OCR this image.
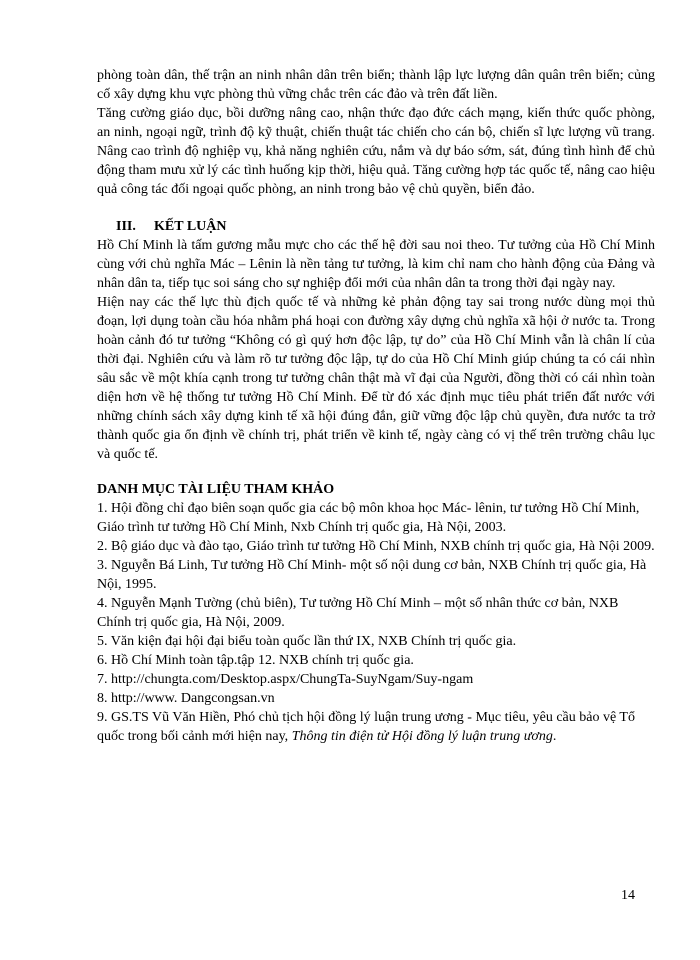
phòng toàn dân, thế trận an ninh nhân dân trên biển; thành lập lực lượng dân quân trên biển; củng cố xây dựng khu vực phòng thủ vững chắc trên các đảo và trên đất liền.

Tăng cường giáo dục, bồi dưỡng nâng cao, nhận thức đạo đức cách mạng, kiến thức quốc phòng, an ninh, ngoại ngữ, trình độ kỹ thuật, chiến thuật tác chiến cho cán bộ, chiến sĩ lực lượng vũ trang. Nâng cao trình độ nghiệp vụ, khả năng nghiên cứu, nắm và dự báo sớm, sát, đúng tình hình để chủ động tham mưu xử lý các tình huống kịp thời, hiệu quả. Tăng cường hợp tác quốc tế, nâng cao hiệu quả công tác đối ngoại quốc phòng, an ninh trong bảo vệ chủ quyền, biển đảo.

III. KẾT LUẬN

Hồ Chí Minh là tấm gương mẫu mực cho các thế hệ đời sau noi theo. Tư tưởng của Hồ Chí Minh cùng với chủ nghĩa Mác – Lênin là nền tảng tư tưởng, là kim chỉ nam cho hành động của Đảng và nhân dân ta, tiếp tục soi sáng cho sự nghiệp đổi mới của nhân dân ta trong thời đại ngày nay.

Hiện nay các thế lực thù địch quốc tế và những kẻ phản động tay sai trong nước dùng mọi thủ đoạn, lợi dụng toàn cầu hóa nhằm phá hoại con đường xây dựng chủ nghĩa xã hội ở nước ta. Trong hoàn cảnh đó tư tưởng “Không có gì quý hơn độc lập, tự do” của Hồ Chí Minh vẫn là chân lí của thời đại. Nghiên cứu và làm rõ tư tưởng độc lập, tự do của Hồ Chí Minh giúp chúng ta có cái nhìn sâu sắc về một khía cạnh trong tư tưởng chân thật mà vĩ đại của Người, đồng thời có cái nhìn toàn diện hơn về hệ thống tư tưởng Hồ Chí Minh. Để từ đó xác định mục tiêu phát triển đất nước với những chính sách xây dựng kinh tế xã hội đúng đắn, giữ vững độc lập chủ quyền, đưa nước ta trở thành quốc gia ổn định về chính trị, phát triển về kinh tế, ngày càng có vị thế trên trường châu lục và quốc tế.

DANH MỤC TÀI LIỆU THAM KHẢO

1. Hội đồng chỉ đạo biên soạn quốc gia các bộ môn khoa học Mác- lênin, tư tưởng Hồ Chí Minh, Giáo trình tư tưởng Hồ Chí Minh, Nxb Chính trị quốc gia, Hà Nội, 2003.

2. Bộ giáo dục và đào tạo, Giáo trình tư tưởng Hồ Chí Minh, NXB chính trị quốc gia, Hà Nội 2009.

3. Nguyễn Bá Linh, Tư tưởng Hồ Chí Minh- một số nội dung cơ bản, NXB Chính trị quốc gia, Hà Nội, 1995.

4. Nguyễn Mạnh Tường (chủ biên), Tư tưởng Hồ Chí Minh – một số nhân thức cơ bản, NXB Chính trị quốc gia, Hà Nội, 2009.

5. Văn kiện đại hội đại biểu toàn quốc lần thứ IX, NXB Chính trị quốc gia.

6. Hồ Chí Minh toàn tập.tập 12. NXB chính trị quốc gia.

7. http://chungta.com/Desktop.aspx/ChungTa-SuyNgam/Suy-ngam

8. http://www. Dangcongsan.vn

9. GS.TS Vũ Văn Hiền, Phó chủ tịch hội đồng lý luận trung ương - Mục tiêu, yêu cầu bảo vệ Tổ quốc trong bối cảnh mới hiện nay, Thông tin điện tử Hội đồng lý luận trung ương.

14
